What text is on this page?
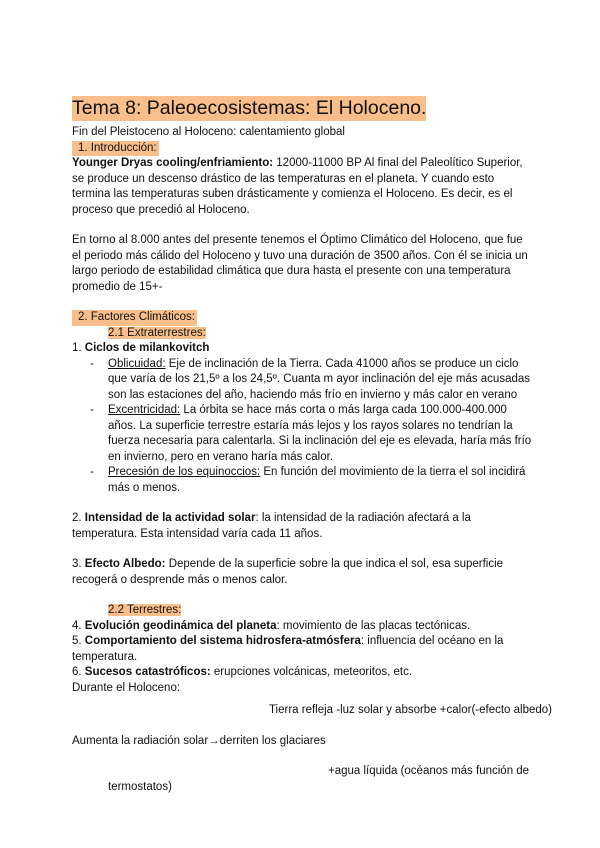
Tema 8: Paleoecosistemas: El Holoceno.

Fin del Pleistoceno al Holoceno: calentamiento global

1. Introducción:

Younger Dryas cooling/enfriamiento: 12000-11000 BP Al final del Paleolítico Superior, se produce un descenso drástico de las temperaturas en el planeta. Y cuando esto termina las temperaturas suben drásticamente y comienza el Holoceno. Es decir, es el proceso que precedió al Holoceno.

En torno al 8.000 antes del presente tenemos el Óptimo Climático del Holoceno, que fue el periodo más cálido del Holoceno y tuvo una duración de 3500 años. Con él se inicia un largo periodo de estabilidad climática que dura hasta el presente con una temperatura promedio de 15+-

2. Factores Climáticos:

2.1 Extraterrestres:

1. Ciclos de milankovitch

- Oblicuidad: Eje de inclinación de la Tierra. Cada 41000 años se produce un ciclo que varía de los 21,5º a los 24,5º. Cuanta m ayor inclinación del eje más acusadas son las estaciones del año, haciendo más frío en invierno y más calor en verano
- Excentricidad: La órbita se hace más corta o más larga cada 100.000-400.000 años. La superficie terrestre estaría más lejos y los rayos solares no tendrían la fuerza necesaria para calentarla. Si la inclinación del eje es elevada, haría más frío en invierno, pero en verano haría más calor.
- Precesión de los equinoccios: En función del movimiento de la tierra el sol incidirá más o menos.

2. Intensidad de la actividad solar: la intensidad de la radiación afectará a la temperatura. Esta intensidad varía cada 11 años.

3. Efecto Albedo: Depende de la superficie sobre la que indica el sol, esa superficie recogerá o desprende más o menos calor.

2.2 Terrestres:

4. Evolución geodinámica del planeta: movimiento de las placas tectónicas.

5. Comportamiento del sistema hidrosfera-atmósfera: influencia del océano en la temperatura.

6. Sucesos catastróficos: erupciones volcánicas, meteoritos, etc.

Durante el Holoceno:

Tierra refleja -luz solar y absorbe +calor(-efecto albedo)

Aumenta la radiación solar→derriten los glaciares

+agua líquida (océanos más función de

termostatos)
